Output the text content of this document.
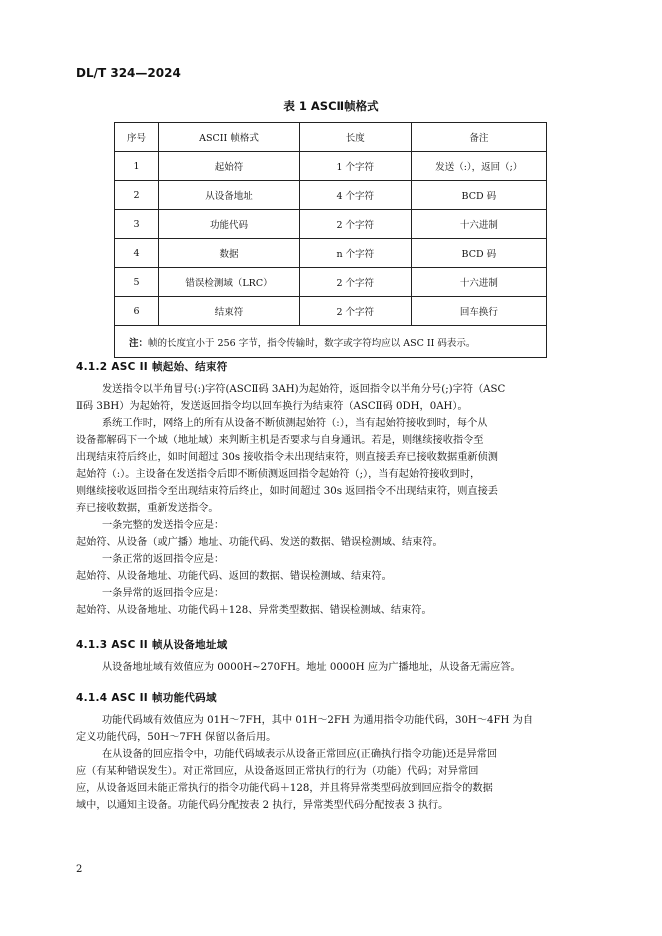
DL/T 324—2024
表 1 ASCⅡ帧格式
序号	ASCII 帧格式	长度	备注
1	起始符	1 个字符	发送（:），返回（;）
2	从设备地址	4 个字符	BCD 码
3	功能代码	2 个字符	十六进制
4	数据	n 个字符	BCD 码
5	错误检测域（LRC）	2 个字符	十六进制
6	结束符	2 个字符	回车换行
注：帧的长度宜小于 256 字节，指令传输时，数字或字符均应以 ASC II 码表示。			
4.1.2 ASC II 帧起始、结束符
发送指令以半角冒号(:)字符(ASCⅡ码 3AH)为起始符，返回指令以半角分号(;)字符（ASC
Ⅱ码 3BH）为起始符，发送返回指令均以回车换行为结束符（ASCⅡ码 0DH，0AH）。
系统工作时，网络上的所有从设备不断侦测起始符（:），当有起始符接收到时，每个从
设备都解码下一个域（地址域）来判断主机是否要求与自身通讯。若是，则继续接收指令至
出现结束符后终止，如时间超过 30s 接收指令未出现结束符，则直接丢弃已接收数据重新侦测
起始符（:）。主设备在发送指令后即不断侦测返回指令起始符（;），当有起始符接收到时，
则继续接收返回指令至出现结束符后终止，如时间超过 30s 返回指令不出现结束符，则直接丢
弃已接收数据，重新发送指令。
一条完整的发送指令应是：
起始符、从设备（或广播）地址、功能代码、发送的数据、错误检测域、结束符。
一条正常的返回指令应是：
起始符、从设备地址、功能代码、返回的数据、错误检测域、结束符。
一条异常的返回指令应是：
起始符、从设备地址、功能代码＋128、异常类型数据、错误检测域、结束符。
4.1.3 ASC II 帧从设备地址域
从设备地址域有效值应为 0000H~270FH。地址 0000H 应为广播地址，从设备无需应答。
4.1.4 ASC II 帧功能代码域
功能代码域有效值应为 01H～7FH，其中 01H～2FH 为通用指令功能代码，30H～4FH 为自
定义功能代码，50H～7FH 保留以备后用。
在从设备的回应指令中，功能代码域表示从设备正常回应(正确执行指令功能)还是异常回
应（有某种错误发生）。对正常回应，从设备返回正常执行的行为（功能）代码；对异常回
应，从设备返回未能正常执行的指令功能代码＋128，并且将异常类型码放到回应指令的数据
域中，以通知主设备。功能代码分配按表 2 执行，异常类型代码分配按表 3 执行。
2
